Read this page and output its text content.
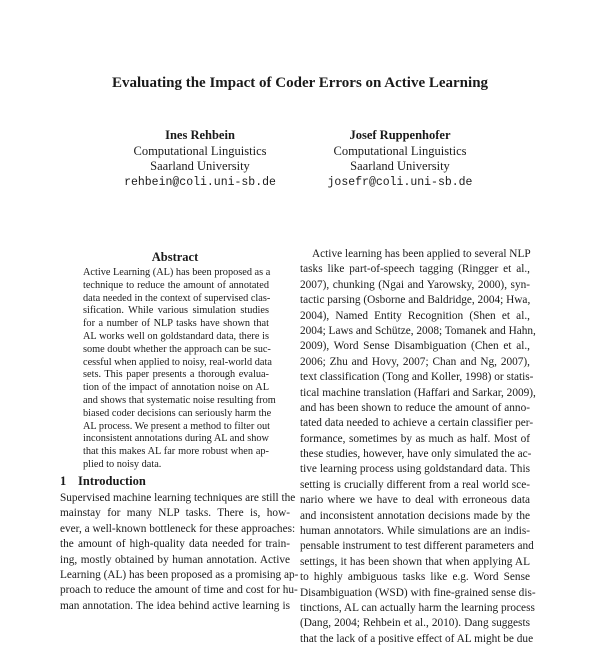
Evaluating the Impact of Coder Errors on Active Learning
Ines Rehbein
Computational Linguistics
Saarland University
rehbein@coli.uni-sb.de
Josef Ruppenhofer
Computational Linguistics
Saarland University
josefr@coli.uni-sb.de
Abstract
Active Learning (AL) has been proposed as a
technique to reduce the amount of annotated
data needed in the context of supervised clas-
sification. While various simulation studies
for a number of NLP tasks have shown that
AL works well on goldstandard data, there is
some doubt whether the approach can be suc-
cessful when applied to noisy, real-world data
sets. This paper presents a thorough evalua-
tion of the impact of annotation noise on AL
and shows that systematic noise resulting from
biased coder decisions can seriously harm the
AL process. We present a method to filter out
inconsistent annotations during AL and show
that this makes AL far more robust when ap-
plied to noisy data.
1 Introduction
Supervised machine learning techniques are still the
mainstay for many NLP tasks. There is, how-
ever, a well-known bottleneck for these approaches:
the amount of high-quality data needed for train-
ing, mostly obtained by human annotation. Active
Learning (AL) has been proposed as a promising ap-
proach to reduce the amount of time and cost for hu-
man annotation. The idea behind active learning is
Active learning has been applied to several NLP
tasks like part-of-speech tagging (Ringger et al.,
2007), chunking (Ngai and Yarowsky, 2000), syn-
tactic parsing (Osborne and Baldridge, 2004; Hwa,
2004), Named Entity Recognition (Shen et al.,
2004; Laws and Schütze, 2008; Tomanek and Hahn,
2009), Word Sense Disambiguation (Chen et al.,
2006; Zhu and Hovy, 2007; Chan and Ng, 2007),
text classification (Tong and Koller, 1998) or statis-
tical machine translation (Haffari and Sarkar, 2009),
and has been shown to reduce the amount of anno-
tated data needed to achieve a certain classifier per-
formance, sometimes by as much as half. Most of
these studies, however, have only simulated the ac-
tive learning process using goldstandard data. This
setting is crucially different from a real world sce-
nario where we have to deal with erroneous data
and inconsistent annotation decisions made by the
human annotators. While simulations are an indis-
pensable instrument to test different parameters and
settings, it has been shown that when applying AL
to highly ambiguous tasks like e.g. Word Sense
Disambiguation (WSD) with fine-grained sense dis-
tinctions, AL can actually harm the learning process
(Dang, 2004; Rehbein et al., 2010). Dang suggests
that the lack of a positive effect of AL might be due
